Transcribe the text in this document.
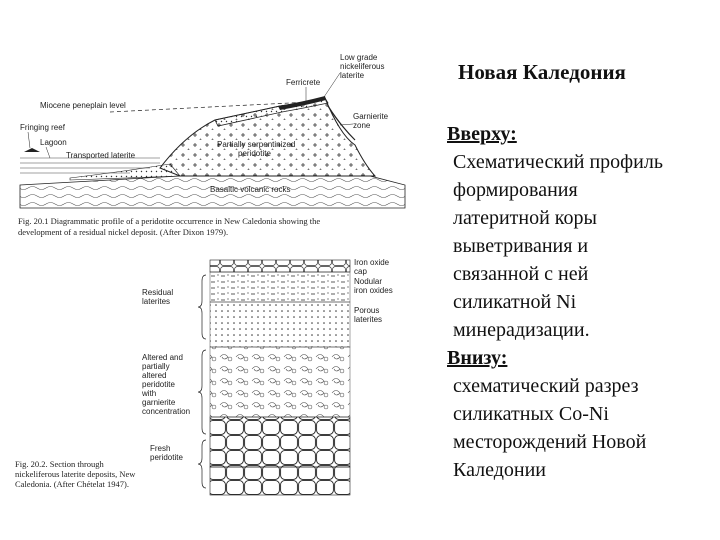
Новая Каледония
Вверху:
Схематический профиль
формирования
латеритной коры
выветривания и
связанной с ней
силикатной Ni
минерадизации.
Внизу:
схематический разрез
силикатных Co-Ni
месторождений Новой
Каледонии
Low grade
nickeliferous
laterite
Ferricrete
Miocene peneplain level
Garnierite
zone
Fringing reef
Lagoon
Transported laterite
Partially serpentinized
peridotite
Basaltic volcanic rocks
Fig. 20.1 Diagrammatic profile of a peridotite occurrence in New Caledonia showing the
development of a residual nickel deposit. (After Dixon 1979).
Iron oxide
cap
Nodular
iron oxides
Porous
laterites
Residual
laterites
Altered and
partially
altered
peridotite
with
garnierite
concentration
Fresh
peridotite
Fig. 20.2. Section through
nickeliferous laterite deposits, New
Caledonia. (After Chételat 1947).
